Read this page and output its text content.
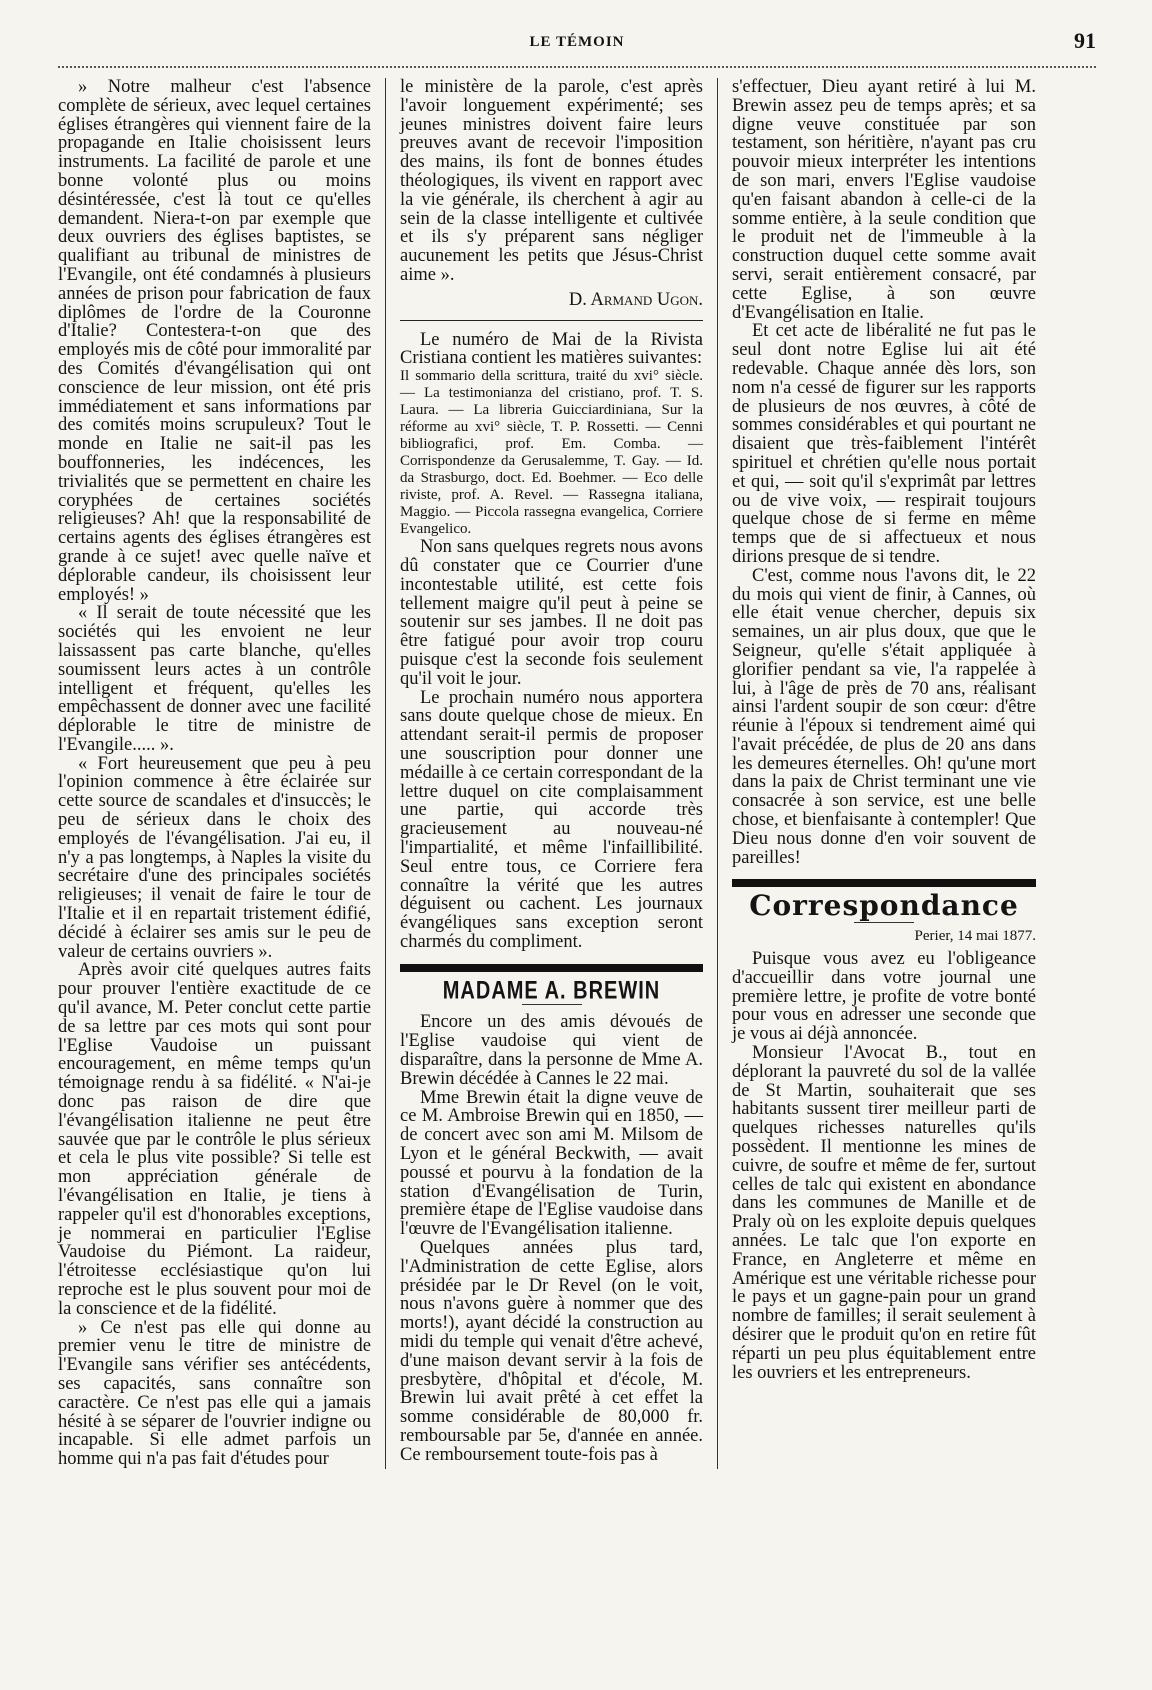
LE TÉMOIN	91

» Notre malheur c'est l'absence complète de sérieux, avec lequel certaines églises étrangères qui viennent faire de la propagande en Italie choisissent leurs instruments. La facilité de parole et une bonne volonté plus ou moins désintéressée, c'est là tout ce qu'elles demandent. Niera-t-on par exemple que deux ouvriers des églises baptistes, se qualifiant au tribunal de ministres de l'Evangile, ont été condamnés à plusieurs années de prison pour fabrication de faux diplômes de l'ordre de la Couronne d'Italie? Contestera-t-on que des employés mis de côté pour immoralité par des Comités d'évangélisation qui ont conscience de leur mission, ont été pris immédiatement et sans informations par des comités moins scrupuleux? Tout le monde en Italie ne sait-il pas les bouffonneries, les indécences, les trivialités que se permettent en chaire les coryphées de certaines sociétés religieuses? Ah! que la responsabilité de certains agents des églises étrangères est grande à ce sujet! avec quelle naïve et déplorable candeur, ils choisissent leur employés! »

« Il serait de toute nécessité que les sociétés qui les envoient ne leur laissassent pas carte blanche, qu'elles soumissent leurs actes à un contrôle intelligent et fréquent, qu'elles les empêchassent de donner avec une facilité déplorable le titre de ministre de l'Evangile..... ».

« Fort heureusement que peu à peu l'opinion commence à être éclairée sur cette source de scandales et d'insuccès; le peu de sérieux dans le choix des employés de l'évangélisation. J'ai eu, il n'y a pas longtemps, à Naples la visite du secrétaire d'une des principales sociétés religieuses; il venait de faire le tour de l'Italie et il en repartait tristement édifié, décidé à éclairer ses amis sur le peu de valeur de certains ouvriers ».

Après avoir cité quelques autres faits pour prouver l'entière exactitude de ce qu'il avance, M. Peter conclut cette partie de sa lettre par ces mots qui sont pour l'Eglise Vaudoise un puissant encouragement, en même temps qu'un témoignage rendu à sa fidélité. « N'ai-je donc pas raison de dire que l'évangélisation italienne ne peut être sauvée que par le contrôle le plus sérieux et cela le plus vite possible? Si telle est mon appréciation générale de l'évangélisation en Italie, je tiens à rappeler qu'il est d'honorables exceptions, je nommerai en particulier l'Eglise Vaudoise du Piémont. La raideur, l'étroitesse ecclésiastique qu'on lui reproche est le plus souvent pour moi de la conscience et de la fidélité.

» Ce n'est pas elle qui donne au premier venu le titre de ministre de l'Evangile sans vérifier ses antécédents, ses capacités, sans connaître son caractère. Ce n'est pas elle qui a jamais hésité à se séparer de l'ouvrier indigne ou incapable. Si elle admet parfois un homme qui n'a pas fait d'études pour

le ministère de la parole, c'est après l'avoir longuement expérimenté; ses jeunes ministres doivent faire leurs preuves avant de recevoir l'imposition des mains, ils font de bonnes études théologiques, ils vivent en rapport avec la vie générale, ils cherchent à agir au sein de la classe intelligente et cultivée et ils s'y préparent sans négliger aucunement les petits que Jésus-Christ aime ».

D. Armand Ugon.

Le numéro de Mai de la Rivista Cristiana contient les matières suivantes:

Il sommario della scrittura, traité du xvi° siècle. — La testimonianza del cristiano, prof. T. S. Laura. — La libreria Guicciardiniana, Sur la réforme au xvi° siècle, T. P. Rossetti. — Cenni bibliografici, prof. Em. Comba. — Corrispondenze da Gerusalemme, T. Gay. — Id. da Strasburgo, doct. Ed. Boehmer. — Eco delle riviste, prof. A. Revel. — Rassegna italiana, Maggio. — Piccola rassegna evangelica, Corriere Evangelico.

Non sans quelques regrets nous avons dû constater que ce Courrier d'une incontestable utilité, est cette fois tellement maigre qu'il peut à peine se soutenir sur ses jambes. Il ne doit pas être fatigué pour avoir trop couru puisque c'est la seconde fois seulement qu'il voit le jour.

Le prochain numéro nous apportera sans doute quelque chose de mieux. En attendant serait-il permis de proposer une souscription pour donner une médaille à ce certain correspondant de la lettre duquel on cite complaisamment une partie, qui accorde très gracieusement au nouveau-né l'impartialité, et même l'infaillibilité. Seul entre tous, ce Corriere fera connaître la vérité que les autres déguisent ou cachent. Les journaux évangéliques sans exception seront charmés du compliment.

MADAME A. BREWIN

Encore un des amis dévoués de l'Eglise vaudoise qui vient de disparaître, dans la personne de Mme A. Brewin décédée à Cannes le 22 mai.

Mme Brewin était la digne veuve de ce M. Ambroise Brewin qui en 1850, — de concert avec son ami M. Milsom de Lyon et le général Beckwith, — avait poussé et pourvu à la fondation de la station d'Evangélisation de Turin, première étape de l'Eglise vaudoise dans l'œuvre de l'Evangélisation italienne.

Quelques années plus tard, l'Administration de cette Eglise, alors présidée par le Dr Revel (on le voit, nous n'avons guère à nommer que des morts!), ayant décidé la construction au midi du temple qui venait d'être achevé, d'une maison devant servir à la fois de presbytère, d'hôpital et d'école, M. Brewin lui avait prêté à cet effet la somme considérable de 80,000 fr. remboursable par 5e, d'année en année. Ce remboursement toute-fois pas à

s'effectuer, Dieu ayant retiré à lui M. Brewin assez peu de temps après; et sa digne veuve constituée par son testament, son héritière, n'ayant pas cru pouvoir mieux interpréter les intentions de son mari, envers l'Eglise vaudoise qu'en faisant abandon à celle-ci de la somme entière, à la seule condition que le produit net de l'immeuble à la construction duquel cette somme avait servi, serait entièrement consacré, par cette Eglise, à son œuvre d'Evangélisation en Italie.

Et cet acte de libéralité ne fut pas le seul dont notre Eglise lui ait été redevable. Chaque année dès lors, son nom n'a cessé de figurer sur les rapports de plusieurs de nos œuvres, à côté de sommes considérables et qui pourtant ne disaient que très-faiblement l'intérêt spirituel et chrétien qu'elle nous portait et qui, — soit qu'il s'exprimât par lettres ou de vive voix, — respirait toujours quelque chose de si ferme en même temps que de si affectueux et nous dirions presque de si tendre.

C'est, comme nous l'avons dit, le 22 du mois qui vient de finir, à Cannes, où elle était venue chercher, depuis six semaines, un air plus doux, que que le Seigneur, qu'elle s'était appliquée à glorifier pendant sa vie, l'a rappelée à lui, à l'âge de près de 70 ans, réalisant ainsi l'ardent soupir de son cœur: d'être réunie à l'époux si tendrement aimé qui l'avait précédée, de plus de 20 ans dans les demeures éternelles. Oh! qu'une mort dans la paix de Christ terminant une vie consacrée à son service, est une belle chose, et bienfaisante à contempler! Que Dieu nous donne d'en voir souvent de pareilles!

Correspondance
Perier, 14 mai 1877.

Puisque vous avez eu l'obligeance d'accueillir dans votre journal une première lettre, je profite de votre bonté pour vous en adresser une seconde que je vous ai déjà annoncée.

Monsieur l'Avocat B., tout en déplorant la pauvreté du sol de la vallée de St Martin, souhaiterait que ses habitants sussent tirer meilleur parti de quelques richesses naturelles qu'ils possèdent. Il mentionne les mines de cuivre, de soufre et même de fer, surtout celles de talc qui existent en abondance dans les communes de Manille et de Praly où on les exploite depuis quelques années. Le talc que l'on exporte en France, en Angleterre et même en Amérique est une véritable richesse pour le pays et un gagne-pain pour un grand nombre de familles; il serait seulement à désirer que le produit qu'on en retire fût réparti un peu plus équitablement entre les ouvriers et les entrepreneurs.
